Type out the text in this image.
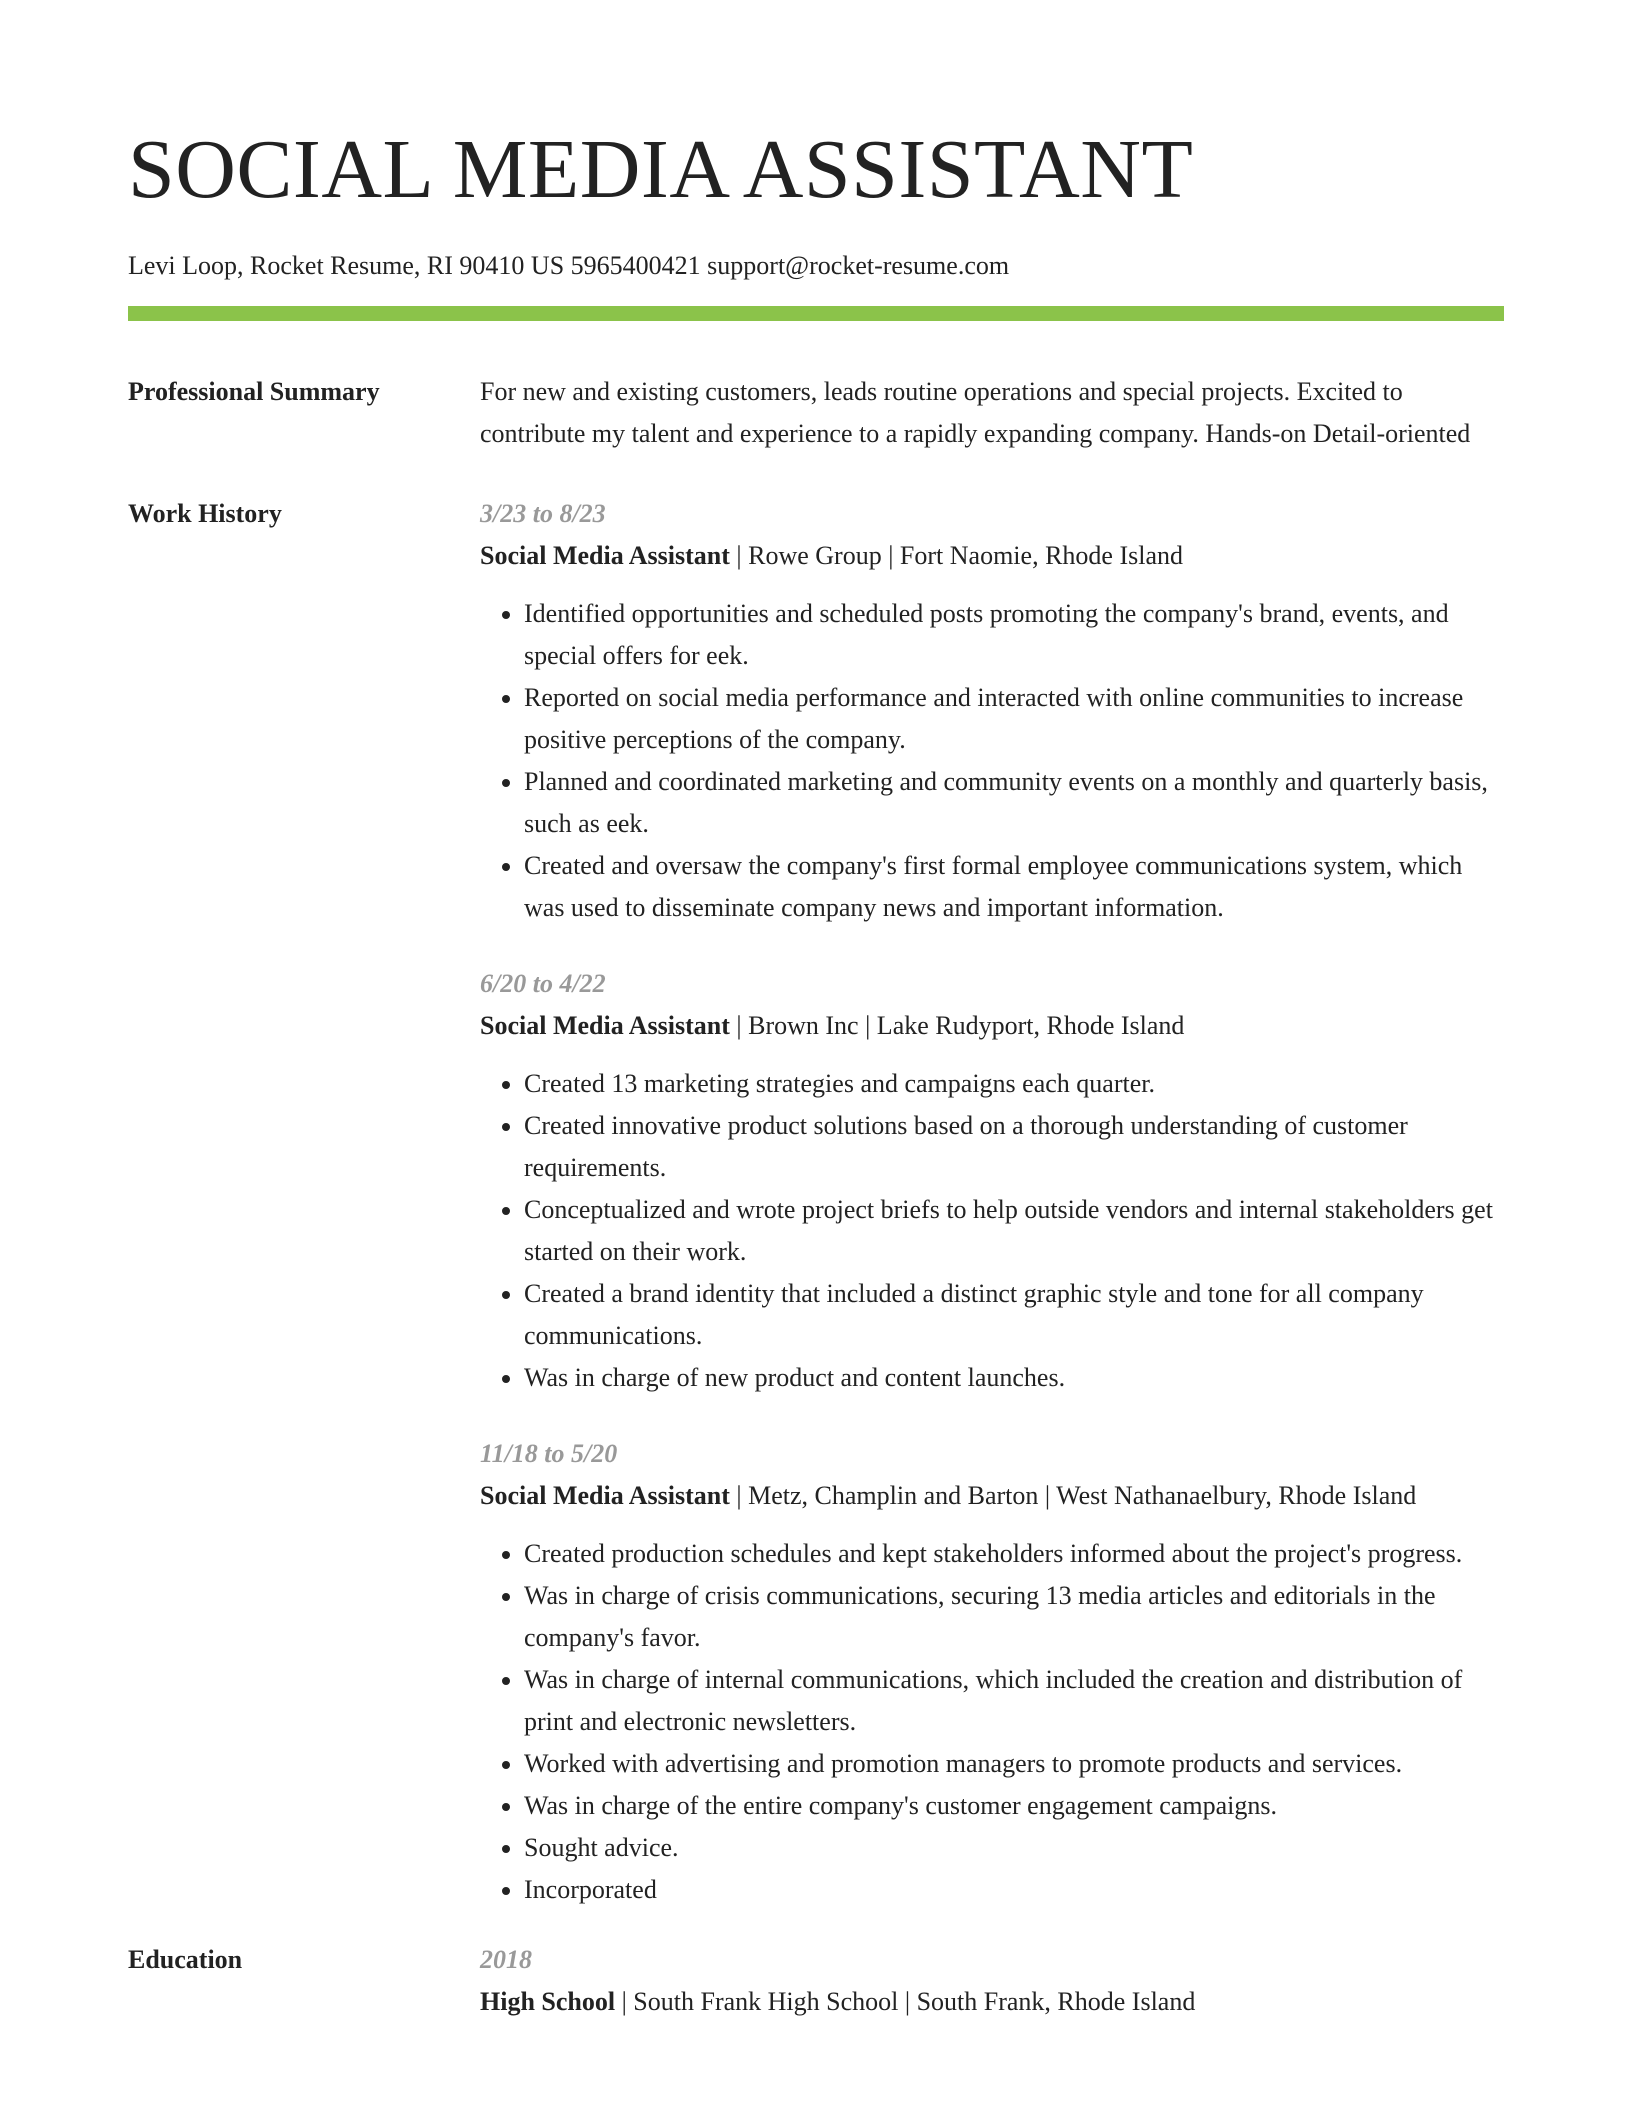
SOCIAL MEDIA ASSISTANT
Levi Loop, Rocket Resume, RI 90410 US 5965400421 support@rocket-resume.com
Professional Summary	For new and existing customers, leads routine operations and special projects. Excited to contribute my talent and experience to a rapidly expanding company. Hands-on Detail-oriented
Work History	3/23 to 8/23
Social Media Assistant | Rowe Group | Fort Naomie, Rhode Island
• Identified opportunities and scheduled posts promoting the company's brand, events, and special offers for eek.
• Reported on social media performance and interacted with online communities to increase positive perceptions of the company.
• Planned and coordinated marketing and community events on a monthly and quarterly basis, such as eek.
• Created and oversaw the company's first formal employee communications system, which was used to disseminate company news and important information.
6/20 to 4/22
Social Media Assistant | Brown Inc | Lake Rudyport, Rhode Island
• Created 13 marketing strategies and campaigns each quarter.
• Created innovative product solutions based on a thorough understanding of customer requirements.
• Conceptualized and wrote project briefs to help outside vendors and internal stakeholders get started on their work.
• Created a brand identity that included a distinct graphic style and tone for all company communications.
• Was in charge of new product and content launches.
11/18 to 5/20
Social Media Assistant | Metz, Champlin and Barton | West Nathanaelbury, Rhode Island
• Created production schedules and kept stakeholders informed about the project's progress.
• Was in charge of crisis communications, securing 13 media articles and editorials in the company's favor.
• Was in charge of internal communications, which included the creation and distribution of print and electronic newsletters.
• Worked with advertising and promotion managers to promote products and services.
• Was in charge of the entire company's customer engagement campaigns.
• Sought advice.
• Incorporated
Education	2018
High School | South Frank High School | South Frank, Rhode Island
